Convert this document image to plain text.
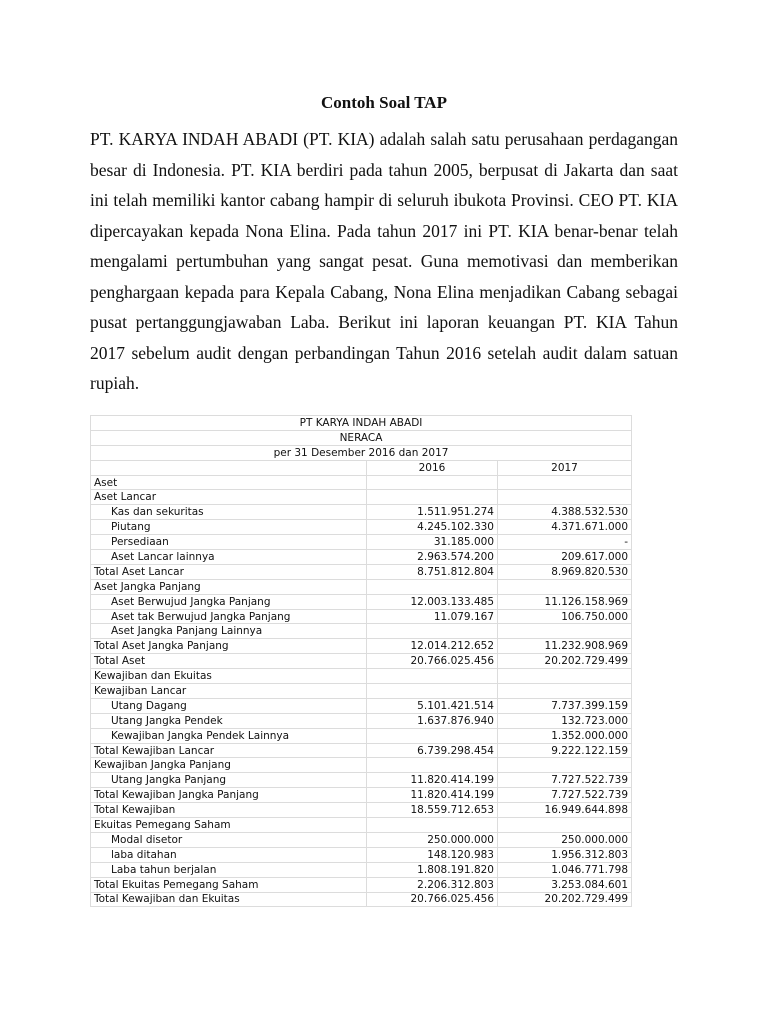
Contoh Soal TAP

PT. KARYA INDAH ABADI (PT. KIA) adalah salah satu perusahaan perdagangan besar di Indonesia. PT. KIA berdiri pada tahun 2005, berpusat di Jakarta dan saat ini telah memiliki kantor cabang hampir di seluruh ibukota Provinsi. CEO PT. KIA dipercayakan kepada Nona Elina. Pada tahun 2017 ini PT. KIA benar-benar telah mengalami pertumbuhan yang sangat pesat. Guna memotivasi dan memberikan penghargaan kepada para Kepala Cabang, Nona Elina menjadikan Cabang sebagai pusat pertanggungjawaban Laba. Berikut ini laporan keuangan PT. KIA Tahun 2017 sebelum audit dengan perbandingan Tahun 2016 setelah audit dalam satuan rupiah.

PT KARYA INDAH ABADI		
NERACA		
per 31 Desember 2016 dan 2017		
	2016	2017
Aset		
Aset Lancar		
Kas dan sekuritas	1.511.951.274	4.388.532.530
Piutang	4.245.102.330	4.371.671.000
Persediaan	31.185.000	-
Aset Lancar lainnya	2.963.574.200	209.617.000
Total Aset Lancar	8.751.812.804	8.969.820.530
Aset Jangka Panjang		
Aset Berwujud Jangka Panjang	12.003.133.485	11.126.158.969
Aset tak Berwujud Jangka Panjang	11.079.167	106.750.000
Aset Jangka Panjang Lainnya		
Total Aset Jangka Panjang	12.014.212.652	11.232.908.969
Total Aset	20.766.025.456	20.202.729.499
Kewajiban dan Ekuitas		
Kewajiban Lancar		
Utang Dagang	5.101.421.514	7.737.399.159
Utang Jangka Pendek	1.637.876.940	132.723.000
Kewajiban Jangka Pendek Lainnya		1.352.000.000
Total Kewajiban Lancar	6.739.298.454	9.222.122.159
Kewajiban Jangka Panjang		
Utang Jangka Panjang	11.820.414.199	7.727.522.739
Total Kewajiban Jangka Panjang	11.820.414.199	7.727.522.739
Total Kewajiban	18.559.712.653	16.949.644.898
Ekuitas Pemegang Saham		
Modal disetor	250.000.000	250.000.000
laba ditahan	148.120.983	1.956.312.803
Laba tahun berjalan	1.808.191.820	1.046.771.798
Total Ekuitas Pemegang Saham	2.206.312.803	3.253.084.601
Total Kewajiban dan Ekuitas	20.766.025.456	20.202.729.499
